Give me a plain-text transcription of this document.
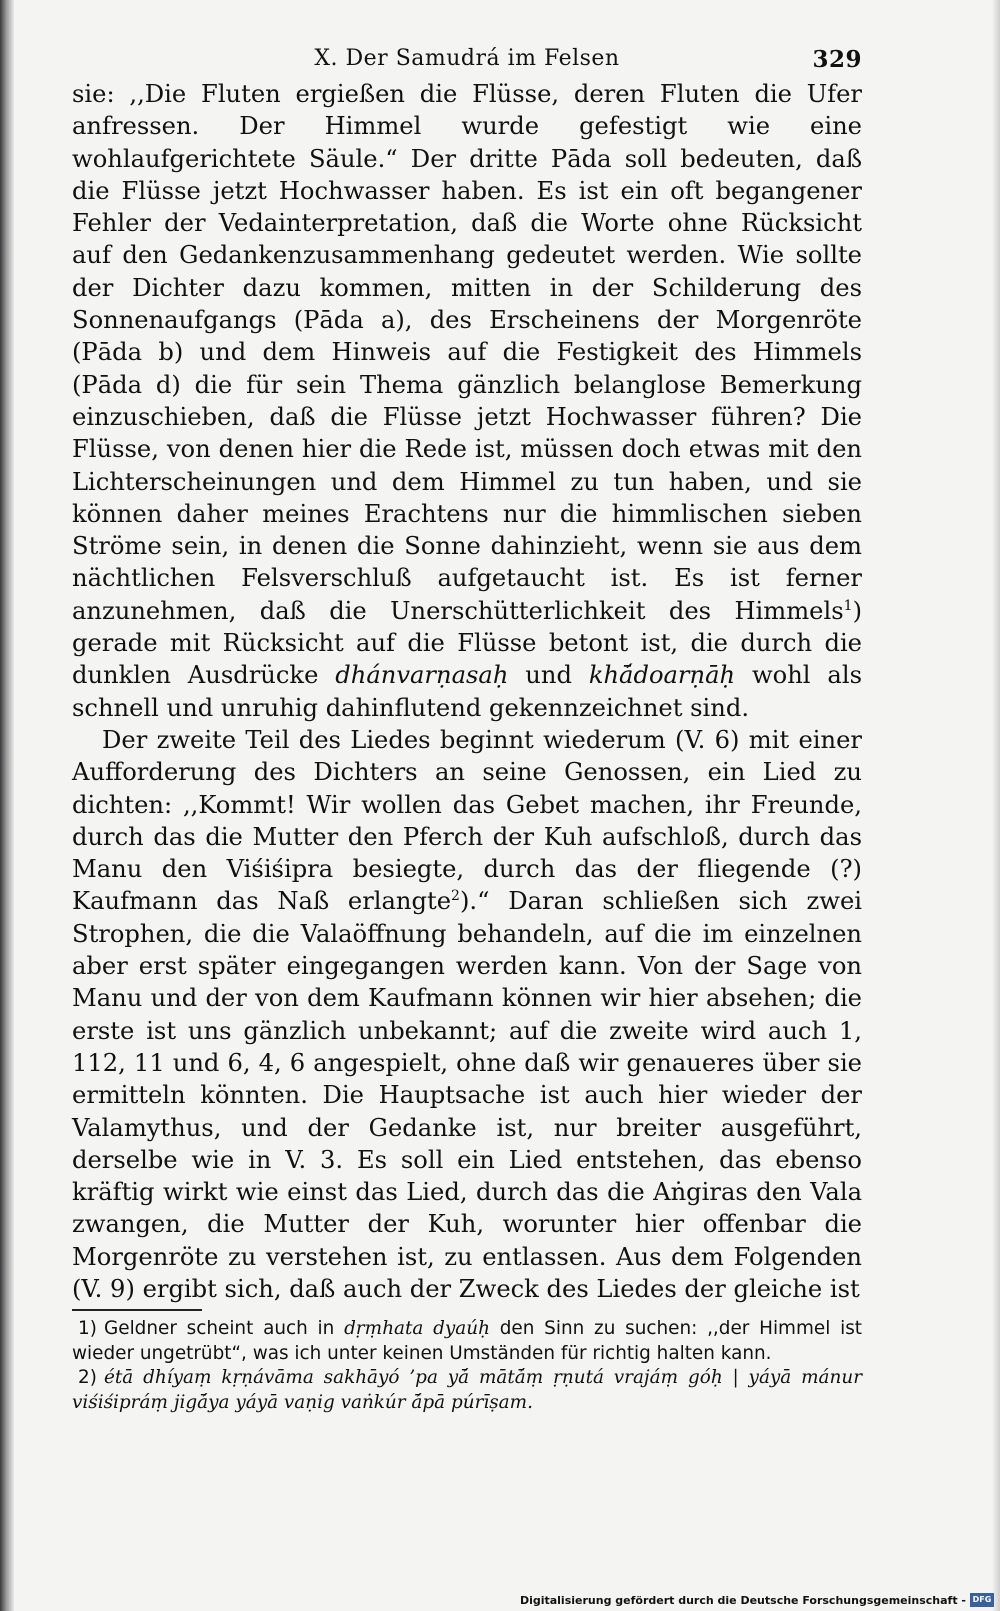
X. Der Samudrá im Felsen	329

sie: ,,Die Fluten ergießen die Flüsse, deren Fluten die Ufer anfressen. Der Himmel wurde gefestigt wie eine wohlaufgerichtete Säule.“ Der dritte Pāda soll bedeuten, daß die Flüsse jetzt Hochwasser haben. Es ist ein oft begangener Fehler der Vedainterpretation, daß die Worte ohne Rücksicht auf den Gedankenzusammenhang gedeutet werden. Wie sollte der Dichter dazu kommen, mitten in der Schilderung des Sonnenaufgangs (Pāda a), des Erscheinens der Morgenröte (Pāda b) und dem Hinweis auf die Festigkeit des Himmels (Pāda d) die für sein Thema gänzlich belanglose Bemerkung einzuschieben, daß die Flüsse jetzt Hochwasser führen? Die Flüsse, von denen hier die Rede ist, müssen doch etwas mit den Lichterscheinungen und dem Himmel zu tun haben, und sie können daher meines Erachtens nur die himmlischen sieben Ströme sein, in denen die Sonne dahinzieht, wenn sie aus dem nächtlichen Felsverschluß aufgetaucht ist. Es ist ferner anzunehmen, daß die Unerschütterlichkeit des Himmels$^1$) gerade mit Rücksicht auf die Flüsse betont ist, die durch die dunklen Ausdrücke dhánvarṇasaḥ und khā́doarṇāḥ wohl als schnell und unruhig dahinflutend gekennzeichnet sind.

Der zweite Teil des Liedes beginnt wiederum (V. 6) mit einer Aufforderung des Dichters an seine Genossen, ein Lied zu dichten: ,,Kommt! Wir wollen das Gebet machen, ihr Freunde, durch das die Mutter den Pferch der Kuh aufschloß, durch das Manu den Viśiśipra besiegte, durch das der fliegende (?) Kaufmann das Naß erlangte$^2$).“ Daran schließen sich zwei Strophen, die die Valaöffnung behandeln, auf die im einzelnen aber erst später eingegangen werden kann. Von der Sage von Manu und der von dem Kaufmann können wir hier absehen; die erste ist uns gänzlich unbekannt; auf die zweite wird auch 1, 112, 11 und 6, 4, 6 angespielt, ohne daß wir genaueres über sie ermitteln könnten. Die Hauptsache ist auch hier wieder der Valamythus, und der Gedanke ist, nur breiter ausgeführt, derselbe wie in V. 3. Es soll ein Lied entstehen, das ebenso kräftig wirkt wie einst das Lied, durch das die Aṅgiras den Vala zwangen, die Mutter der Kuh, worunter hier offenbar die Morgenröte zu verstehen ist, zu entlassen. Aus dem Folgenden (V. 9) ergibt sich, daß auch der Zweck des Liedes der gleiche ist

1) Geldner scheint auch in dṛṃhata dyaúḥ den Sinn zu suchen: ,,der Himmel ist wieder ungetrübt“, was ich unter keinen Umständen für richtig halten kann.

2) étā dhíyaṃ kṛṇávāma sakhāyó ’pa yā́ mātā́ṃ ṛṇutá vrajáṃ góḥ | yáyā mánur viśiśipráṃ jigā́ya yáyā vaṇig vaṅkúr ā́pā púrīṣam.

Digitalisierung gefördert durch die Deutsche Forschungsgemeinschaft - DFG
